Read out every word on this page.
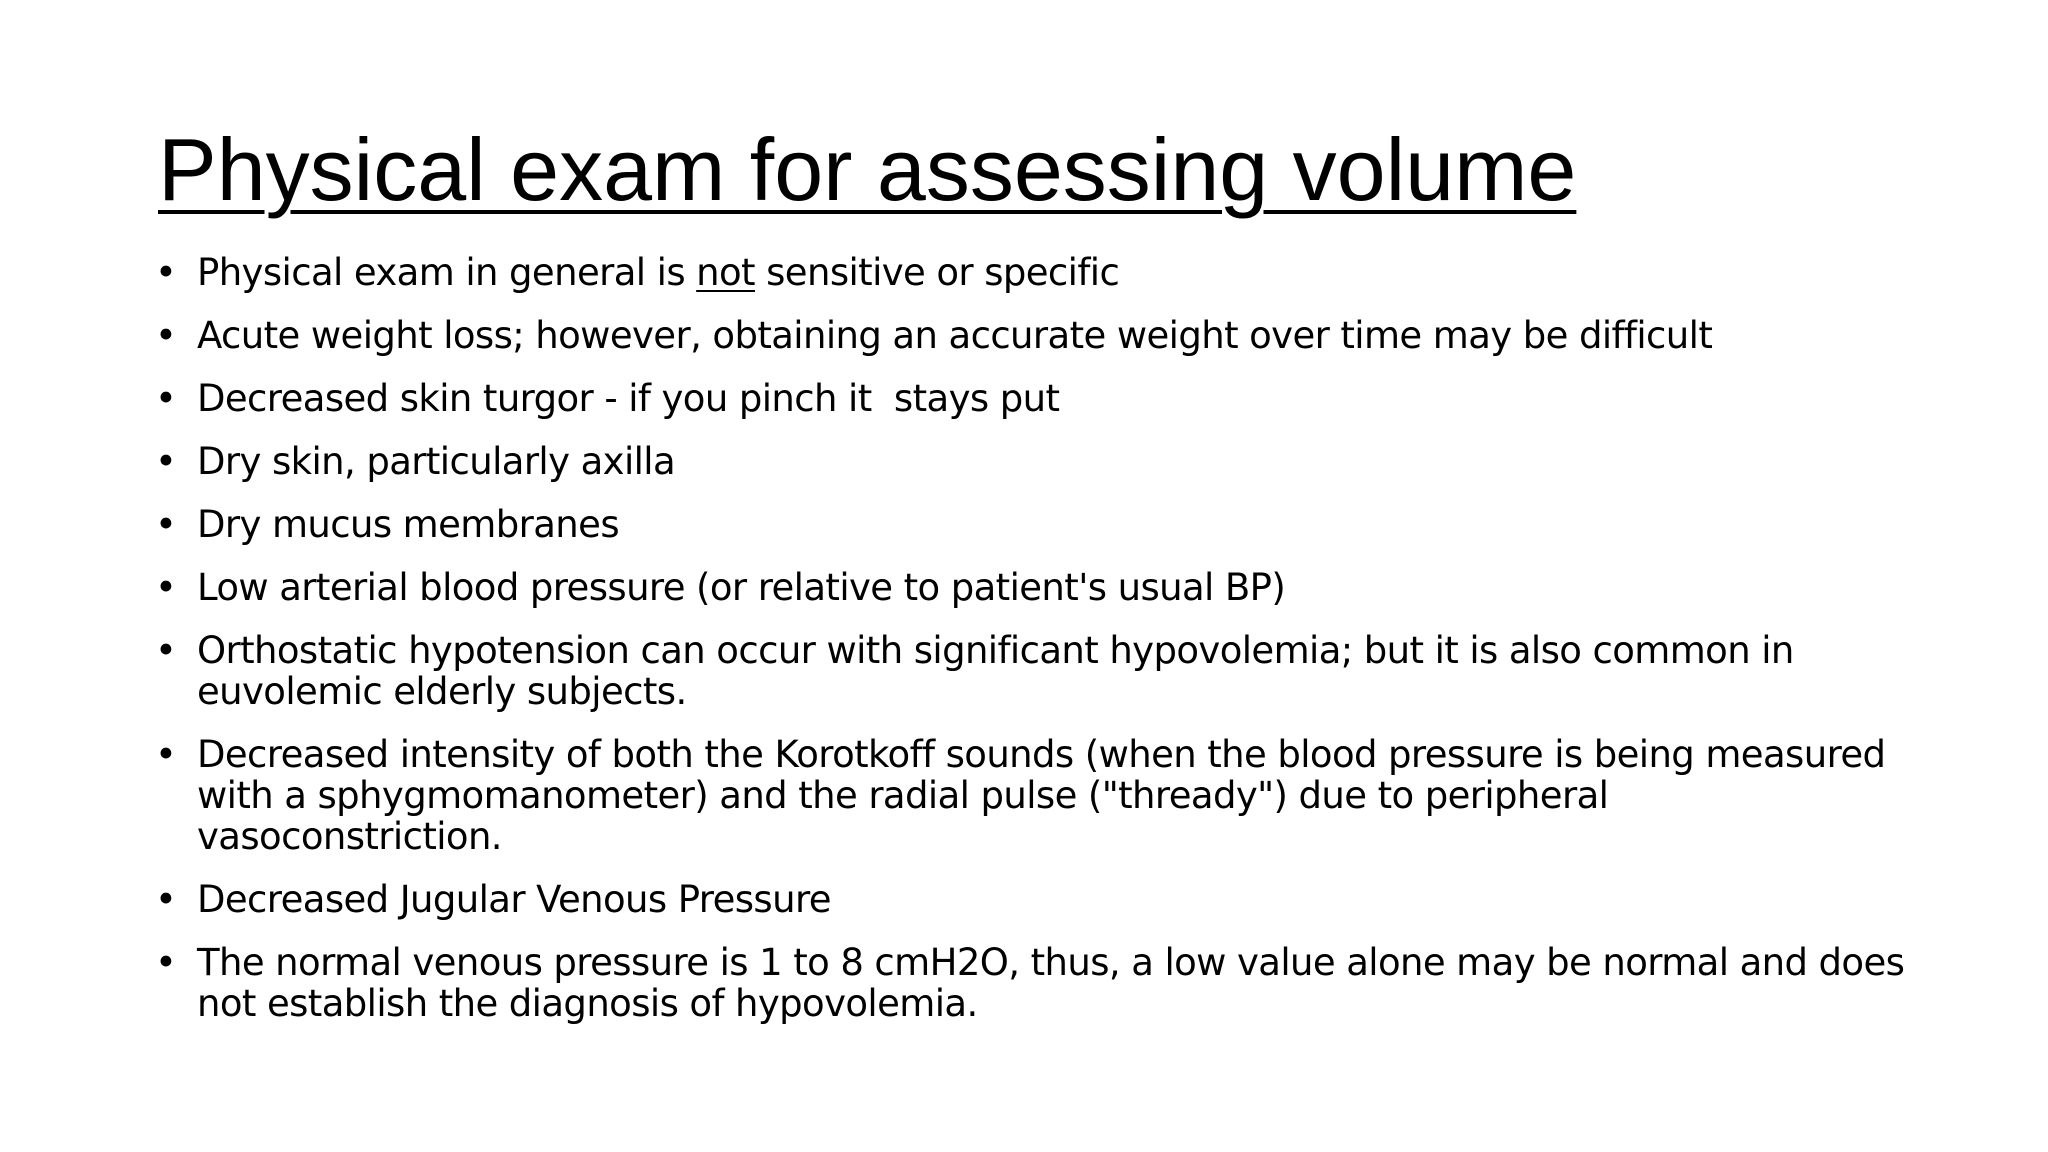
Physical exam for assessing volume
• Physical exam in general is not sensitive or specific
• Acute weight loss; however, obtaining an accurate weight over time may be difficult
• Decreased skin turgor - if you pinch it  stays put
• Dry skin, particularly axilla
• Dry mucus membranes
• Low arterial blood pressure (or relative to patient's usual BP)
• Orthostatic hypotension can occur with significant hypovolemia; but it is also common in euvolemic elderly subjects.
• Decreased intensity of both the Korotkoff sounds (when the blood pressure is being measured with a sphygmomanometer) and the radial pulse ("thready") due to peripheral vasoconstriction.
• Decreased Jugular Venous Pressure
• The normal venous pressure is 1 to 8 cmH2O, thus, a low value alone may be normal and does not establish the diagnosis of hypovolemia.
